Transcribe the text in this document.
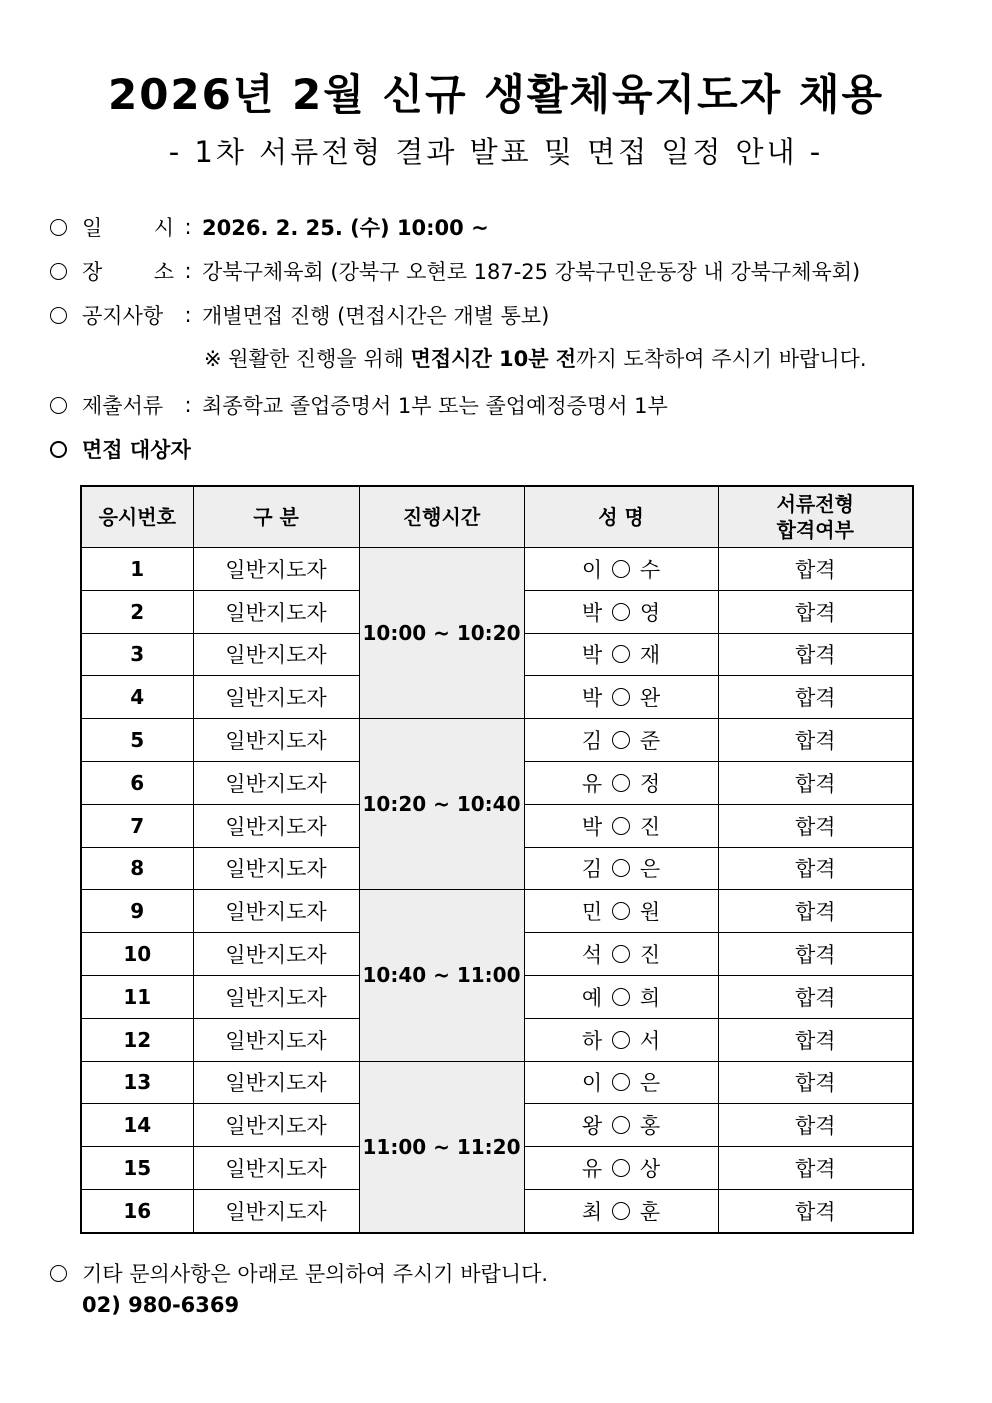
2026년 2월 신규 생활체육지도자 채용
- 1차 서류전형 결과 발표 및 면접 일정 안내 -
일 시 : 2026. 2. 25. (수) 10:00 ~
장 소 : 강북구체육회 (강북구 오현로 187-25 강북구민운동장 내 강북구체육회)
공지사항	: 개별면접 진행 (면접시간은 개별 통보)
※ 원활한 진행을 위해 면접시간 10분 전까지 도착하여 주시기 바랍니다.
제출서류	: 최종학교 졸업증명서 1부 또는 졸업예정증명서 1부
면접 대상자
응시번호	구 분	진행시간	성 명	서류전형
합격여부
1	일반지도자	10:00 ~ 10:20	이 수	합격
2	일반지도자		박 영	합격
3	일반지도자		박 재	합격
4	일반지도자		박 완	합격
5	일반지도자	10:20 ~ 10:40	김 준	합격
6	일반지도자		유 정	합격
7	일반지도자		박 진	합격
8	일반지도자		김 은	합격
9	일반지도자	10:40 ~ 11:00	민 원	합격
10	일반지도자		석 진	합격
11	일반지도자		예 희	합격
12	일반지도자		하 서	합격
13	일반지도자	11:00 ~ 11:20	이 은	합격
14	일반지도자		왕 홍	합격
15	일반지도자		유 상	합격
16	일반지도자		최 훈	합격
기타 문의사항은 아래로 문의하여 주시기 바랍니다.
02) 980-6369
